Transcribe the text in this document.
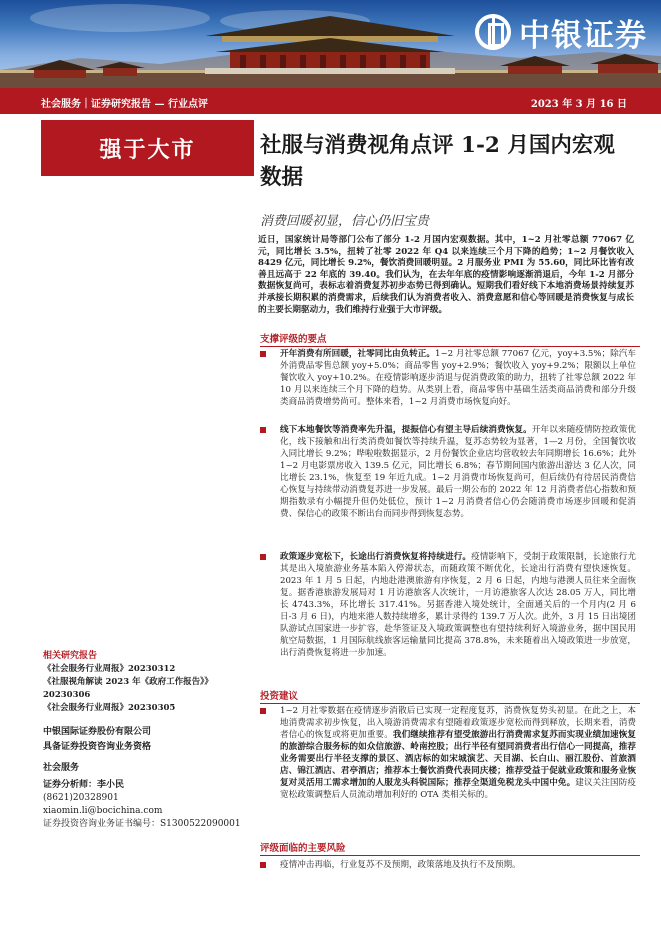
中银证券
社会服务｜证券研究报告 — 行业点评	2023 年 3 月 16 日
强于大市
相关研究报告
《社会服务行业周报》20230312
《社服视角解读 2023 年《政府工作报告》》20230306
《社会服务行业周报》20230305
中银国际证券股份有限公司
具备证券投资咨询业务资格
社会服务
证券分析师：李小民
(8621)20328901
xiaomin.li@bocichina.com
证券投资咨询业务证书编号：S1300522090001
社服与消费视角点评 1-2 月国内宏观数据
消费回暖初显，信心仍旧宝贵
近日，国家统计局等部门公布了部分 1-2 月国内宏观数据。其中，1~2 月社零总额 77067 亿元，同比增长 3.5%，扭转了社零 2022 年 Q4 以来连续三个月下降的趋势；1~2 月餐饮收入 8429 亿元，同比增长 9.2%，餐饮消费回暖明显。2 月服务业 PMI 为 55.60，同比环比皆有改善且远高于 22 年底的 39.40。我们认为，在去年年底的疫情影响逐渐消退后，今年 1-2 月部分数据恢复尚可，表标志着消费复苏初步态势已得到确认。短期我们看好线下本地消费场景持续复苏并承接长期积累的消费需求，后续我们认为消费者收入、消费意愿和信心等回暖是消费恢复与成长的主要长期驱动力，我们维持行业强于大市评级。
支撑评级的要点
开年消费有所回暖，社零同比由负转正。1~2 月社零总额 77067 亿元，yoy+3.5%；除汽车外消费品零售总额 yoy+5.0%；商品零售 yoy+2.9%；餐饮收入 yoy+9.2%；限额以上单位餐饮收入 yoy+10.2%。在疫情影响逐步消退与促消费政策的助力，扭转了社零总额 2022 年 10 月以来连续三个月下降的趋势。从类别上看，商品零售中基础生活类商品消费和部分升级类商品消费增势尚可。整体来看，1~2 月消费市场恢复向好。
线下本地餐饮等消费率先升温，提振信心有望主导后续消费恢复。开年以来随疫情防控政策优化，线下接触和出行类消费如餐饮等持续升温，复苏态势较为显著，1—2 月份，全国餐饮收入同比增长 9.2%；哗啦啦数据显示，2 月份餐饮企业店均营收较去年同期增长 16.6%；此外 1~2 月电影票房收入 139.5 亿元，同比增长 6.8%；春节期间国内旅游出游达 3 亿人次，同比增长 23.1%，恢复至 19 年近九成。1~2 月消费市场恢复尚可，但后续仍有待居民消费信心恢复与持续带动消费复苏进一步发展。最后一期公布的 2022 年 12 月消费者信心指数和预期指数录有小幅提升但仍处低位，预计 1~2 月消费者信心仍会随消费市场逐步回暖和促消费、保信心的政策不断出台而同步得到恢复态势。
政策逐步宽松下，长途出行消费恢复将持续进行。疫情影响下，受制于政策限制，长途旅行尤其是出入境旅游业务基本陷入停滞状态，而随政策不断优化，长途出行消费有望快速恢复。2023 年 1 月 5 日起，内地赴港澳旅游有序恢复，2 月 6 日起，内地与港澳人员往来全面恢复。据香港旅游发展局对 1 月访港旅客人次统计，一月访港旅客人次达 28.05 万人，同比增长 4743.3%，环比增长 317.41%。另据香港入境处统计，全面通关后的一个月内(2 月 6 日-3 月 6 日)，内地来港人数持续增多，累计录得约 139.7 万人次。此外，3 月 15 日出境团队游试点国家进一步扩容，赴华签证及入境政策调整也有望持续利好入境游业务，据中国民用航空局数据，1 月国际航线旅客运输量同比提高 378.8%，未来随着出入境政策进一步放宽，出行消费恢复将进一步加速。
投资建议
1~2 月社零数据在疫情逐步消散后已实现一定程度复苏，消费恢复势头初显。在此之上，本地消费需求初步恢复，出入境游消费需求有望随着政策逐步宽松而得到释放，长期来看，消费者信心的恢复或将更加重要。我们继续推荐有望受旅游出行消费需求复苏而实现业绩加速恢复的旅游综合服务标的如众信旅游、岭南控股；出行半径有望同消费者出行信心一同提高，推荐业务需要出行半径支撑的景区、酒店标的如宋城演艺、天目湖、长白山、丽江股份、首旅酒店、锦江酒店、君亭酒店；推荐本土餐饮消费代表同庆楼；推荐受益于促就业政策和服务业恢复对灵活用工需求增加的人服龙头科锐国际；推荐全渠道免税龙头中国中免。建议关注国防疫宽松政策调整后人员流动增加利好的 OTA 类相关标的。
评级面临的主要风险
疫情冲击再临，行业复苏不及预期，政策落地及执行不及预期。
